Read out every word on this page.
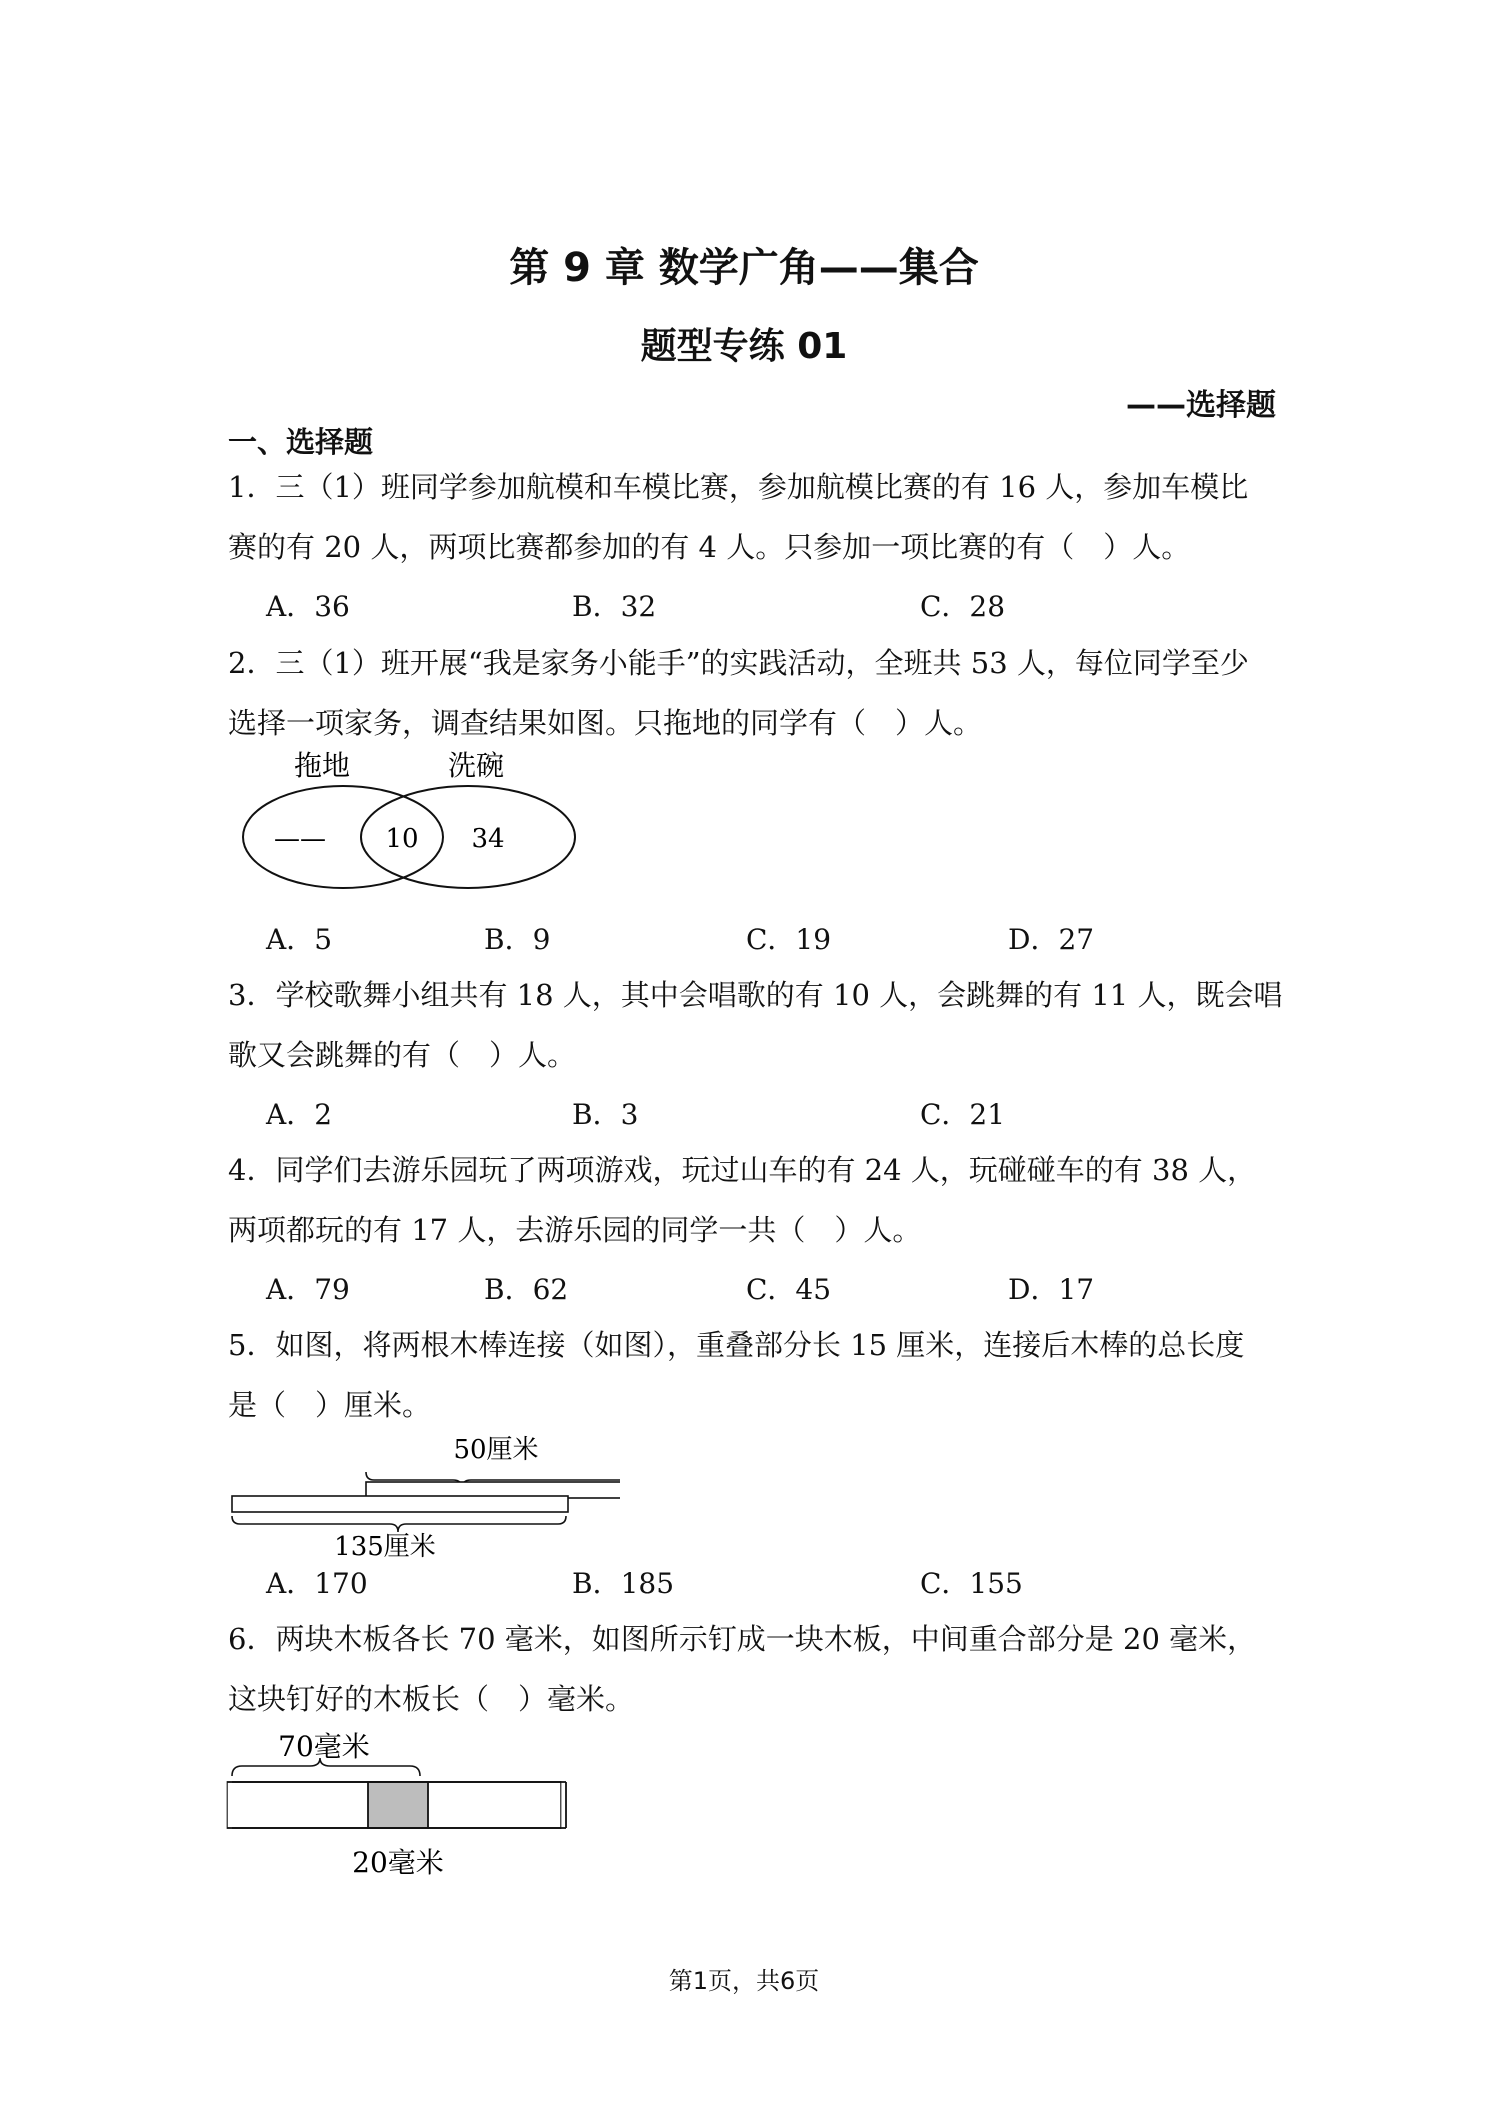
第 9 章 数学广角——集合
题型专练 01
——选择题
一、选择题
1．三（1）班同学参加航模和车模比赛，参加航模比赛的有 16 人，参加车模比
赛的有 20 人，两项比赛都参加的有 4 人。只参加一项比赛的有（　）人。
A．36	B．32	C．28
2．三（1）班开展“我是家务小能手”的实践活动，全班共 53 人，每位同学至少
选择一项家务，调查结果如图。只拖地的同学有（　）人。
拖地	洗碗
—— 10 34
A．5	B．9	C．19	D．27
3．学校歌舞小组共有 18 人，其中会唱歌的有 10 人，会跳舞的有 11 人，既会唱
歌又会跳舞的有（　）人。
A．2	B．3	C．21
4．同学们去游乐园玩了两项游戏，玩过山车的有 24 人，玩碰碰车的有 38 人，
两项都玩的有 17 人，去游乐园的同学一共（　）人。
A．79	B．62	C．45	D．17
5．如图，将两根木棒连接（如图），重叠部分长 15 厘米，连接后木棒的总长度
是（　）厘米。
50厘米
135厘米
A．170	B．185	C．155
6．两块木板各长 70 毫米，如图所示钉成一块木板，中间重合部分是 20 毫米，
这块钉好的木板长（　）毫米。
70毫米
20毫米
第1页，共6页
